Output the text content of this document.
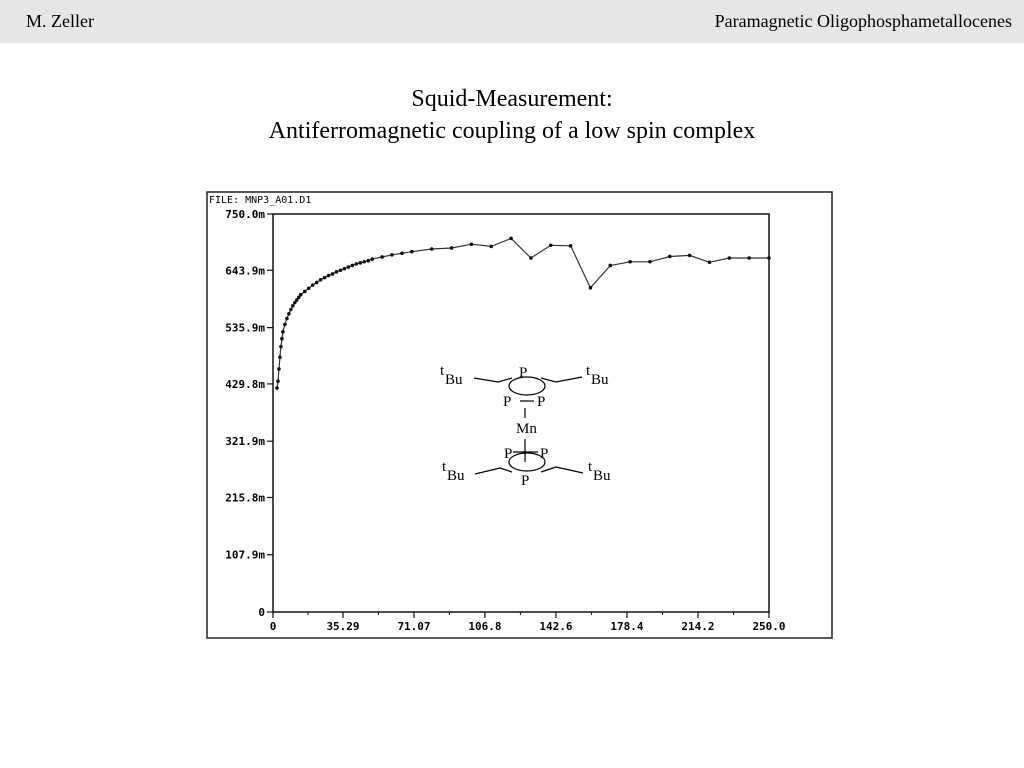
M. Zeller	Paramagnetic Oligophosphametallocenes
Squid-Measurement:
Antiferromagnetic coupling of a low spin complex
FILE: MNP3_A01.D1
0
107.9m
215.8m
321.9m
429.8m
535.9m
643.9m
750.0m
0	35.29	71.07	106.8	142.6	178.4	214.2	250.0
P
P P
t
Bu
t
Bu
Mn
P P
P
t
Bu
t
Bu
